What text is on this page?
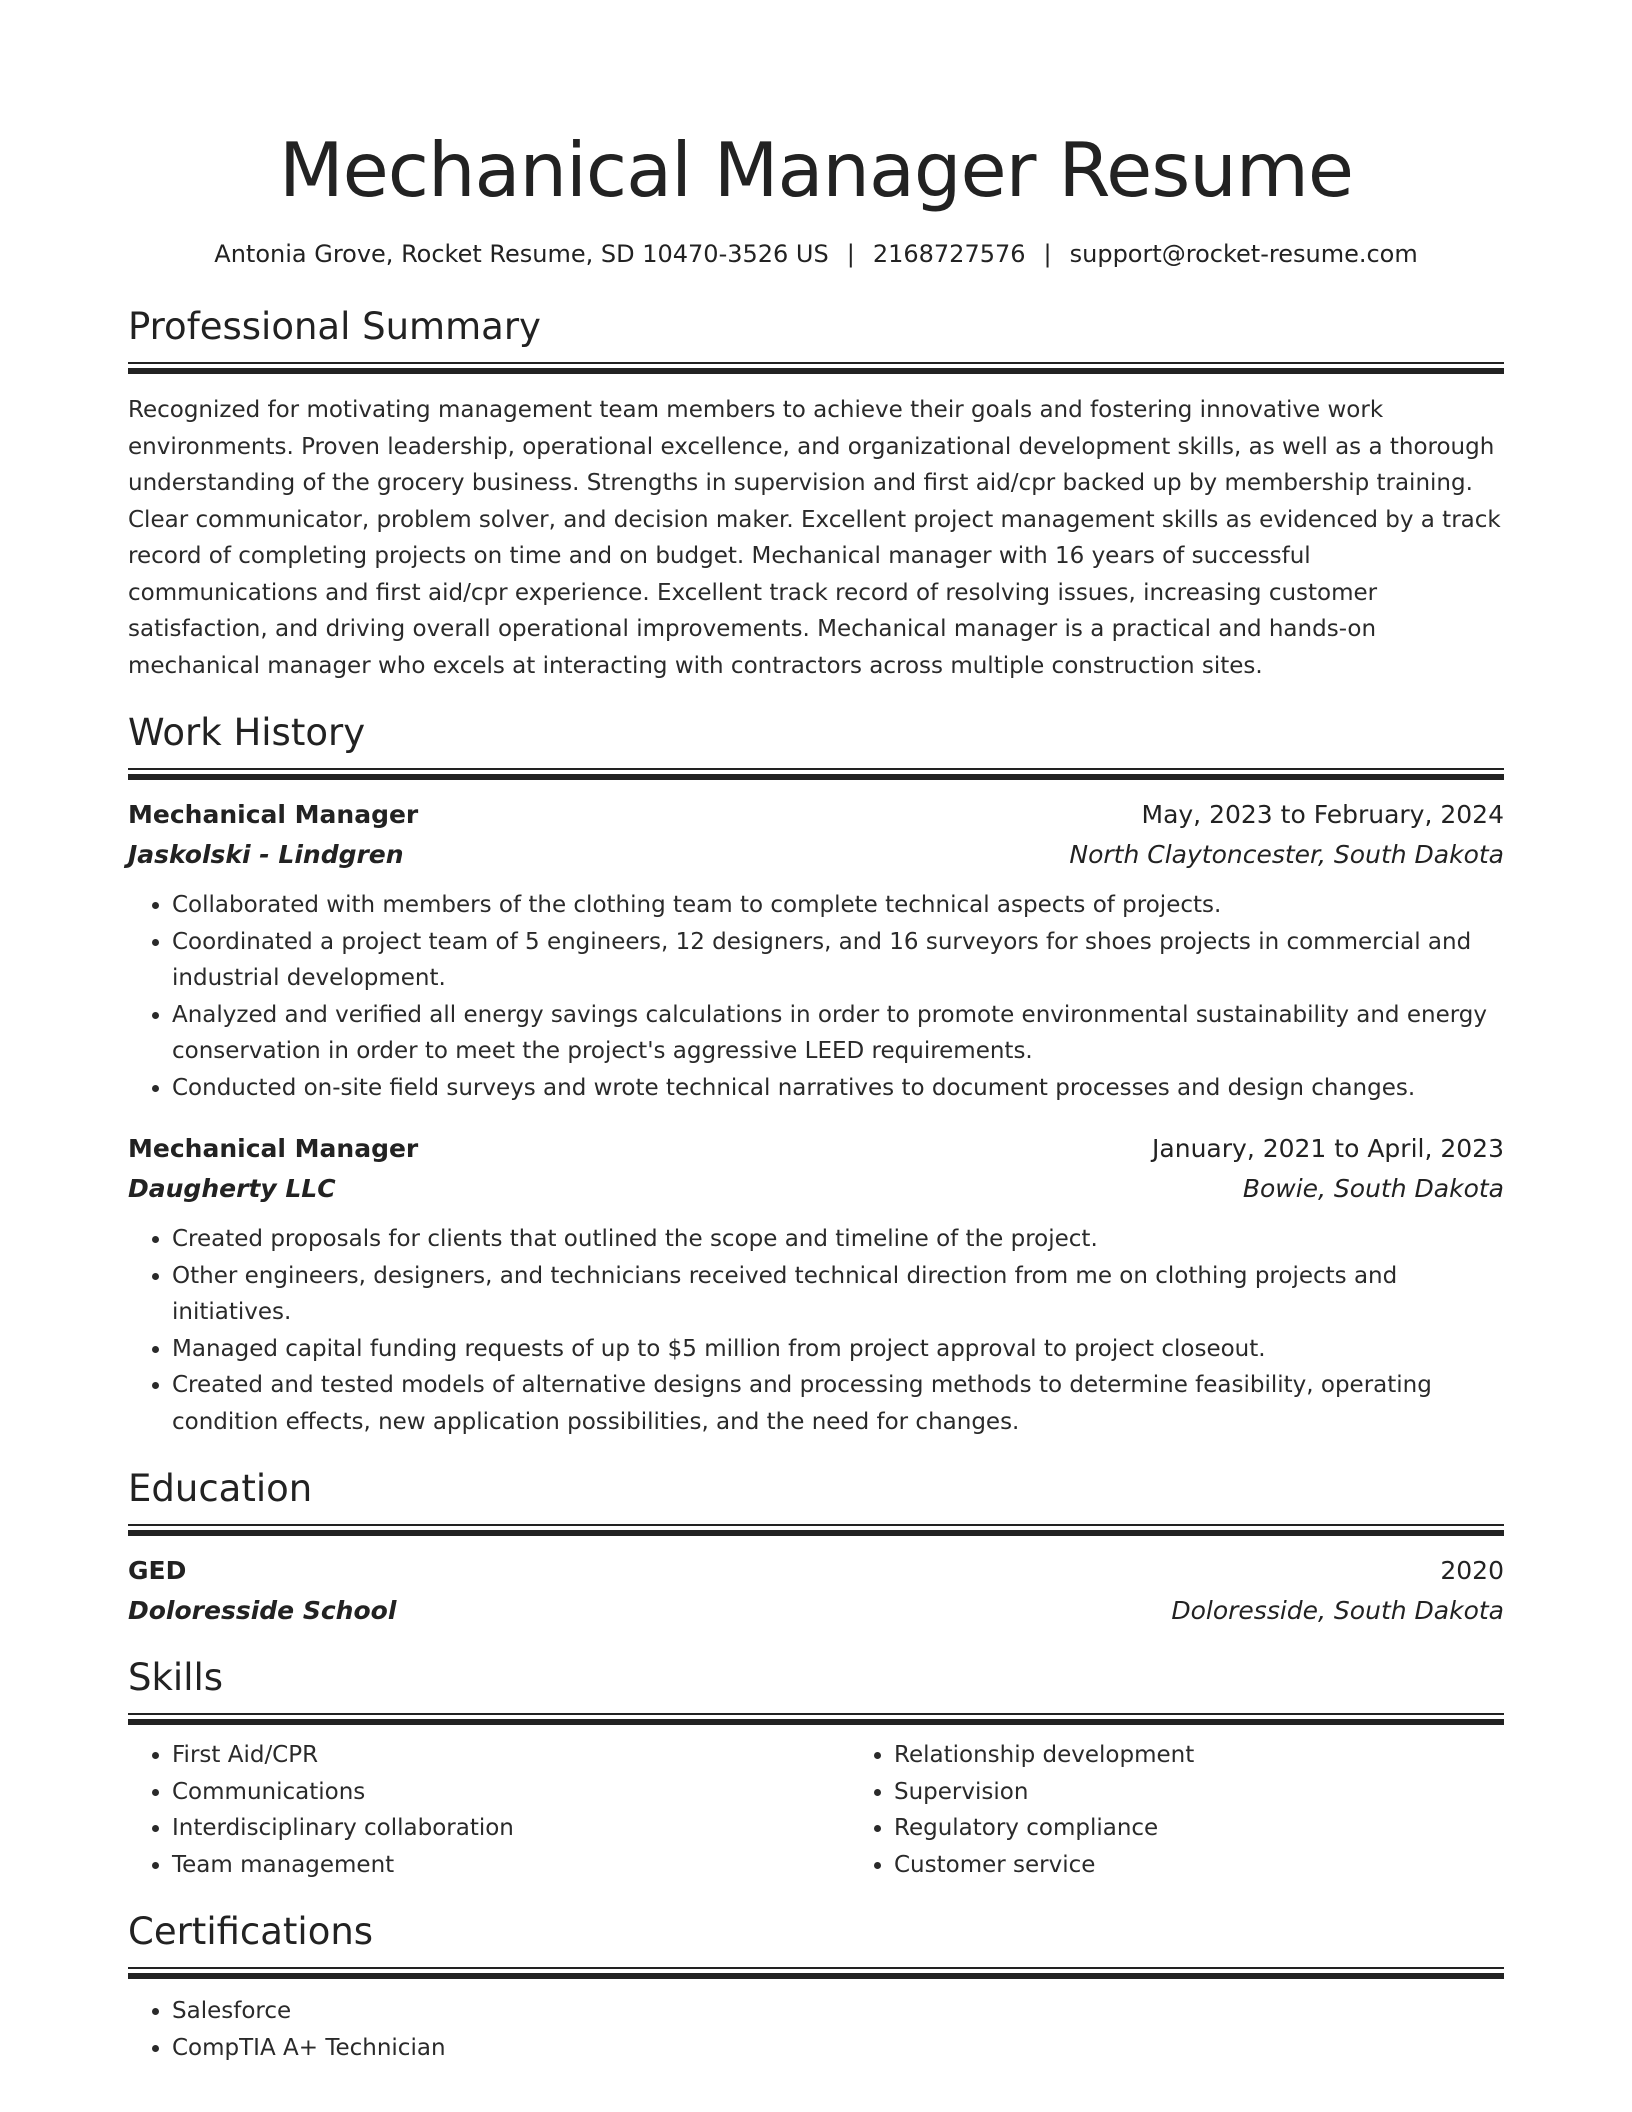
Mechanical Manager Resume
Antonia Grove, Rocket Resume, SD 10470-3526 US | 2168727576 | support@rocket-resume.com
Professional Summary

Recognized for motivating management team members to achieve their goals and fostering innovative work environments. Proven leadership, operational excellence, and organizational development skills, as well as a thorough understanding of the grocery business. Strengths in supervision and first aid/cpr backed up by membership training. Clear communicator, problem solver, and decision maker. Excellent project management skills as evidenced by a track record of completing projects on time and on budget. Mechanical manager with 16 years of successful communications and first aid/cpr experience. Excellent track record of resolving issues, increasing customer satisfaction, and driving overall operational improvements. Mechanical manager is a practical and hands-on mechanical manager who excels at interacting with contractors across multiple construction sites.

Work History
Mechanical Manager	May, 2023 to February, 2024
Jaskolski - Lindgren	North Claytoncester, South Dakota
• Collaborated with members of the clothing team to complete technical aspects of projects.
• Coordinated a project team of 5 engineers, 12 designers, and 16 surveyors for shoes projects in commercial and industrial development.
• Analyzed and verified all energy savings calculations in order to promote environmental sustainability and energy conservation in order to meet the project's aggressive LEED requirements.
• Conducted on-site field surveys and wrote technical narratives to document processes and design changes.
Mechanical Manager	January, 2021 to April, 2023
Daugherty LLC	Bowie, South Dakota
• Created proposals for clients that outlined the scope and timeline of the project.
• Other engineers, designers, and technicians received technical direction from me on clothing projects and initiatives.
• Managed capital funding requests of up to $5 million from project approval to project closeout.
• Created and tested models of alternative designs and processing methods to determine feasibility, operating condition effects, new application possibilities, and the need for changes.
Education
GED	2020
Doloresside School	Doloresside, South Dakota
Skills
• First Aid/CPR
• Communications
• Interdisciplinary collaboration
• Team management
• Relationship development
• Supervision
• Regulatory compliance
• Customer service
Certifications
• Salesforce
• CompTIA A+ Technician
